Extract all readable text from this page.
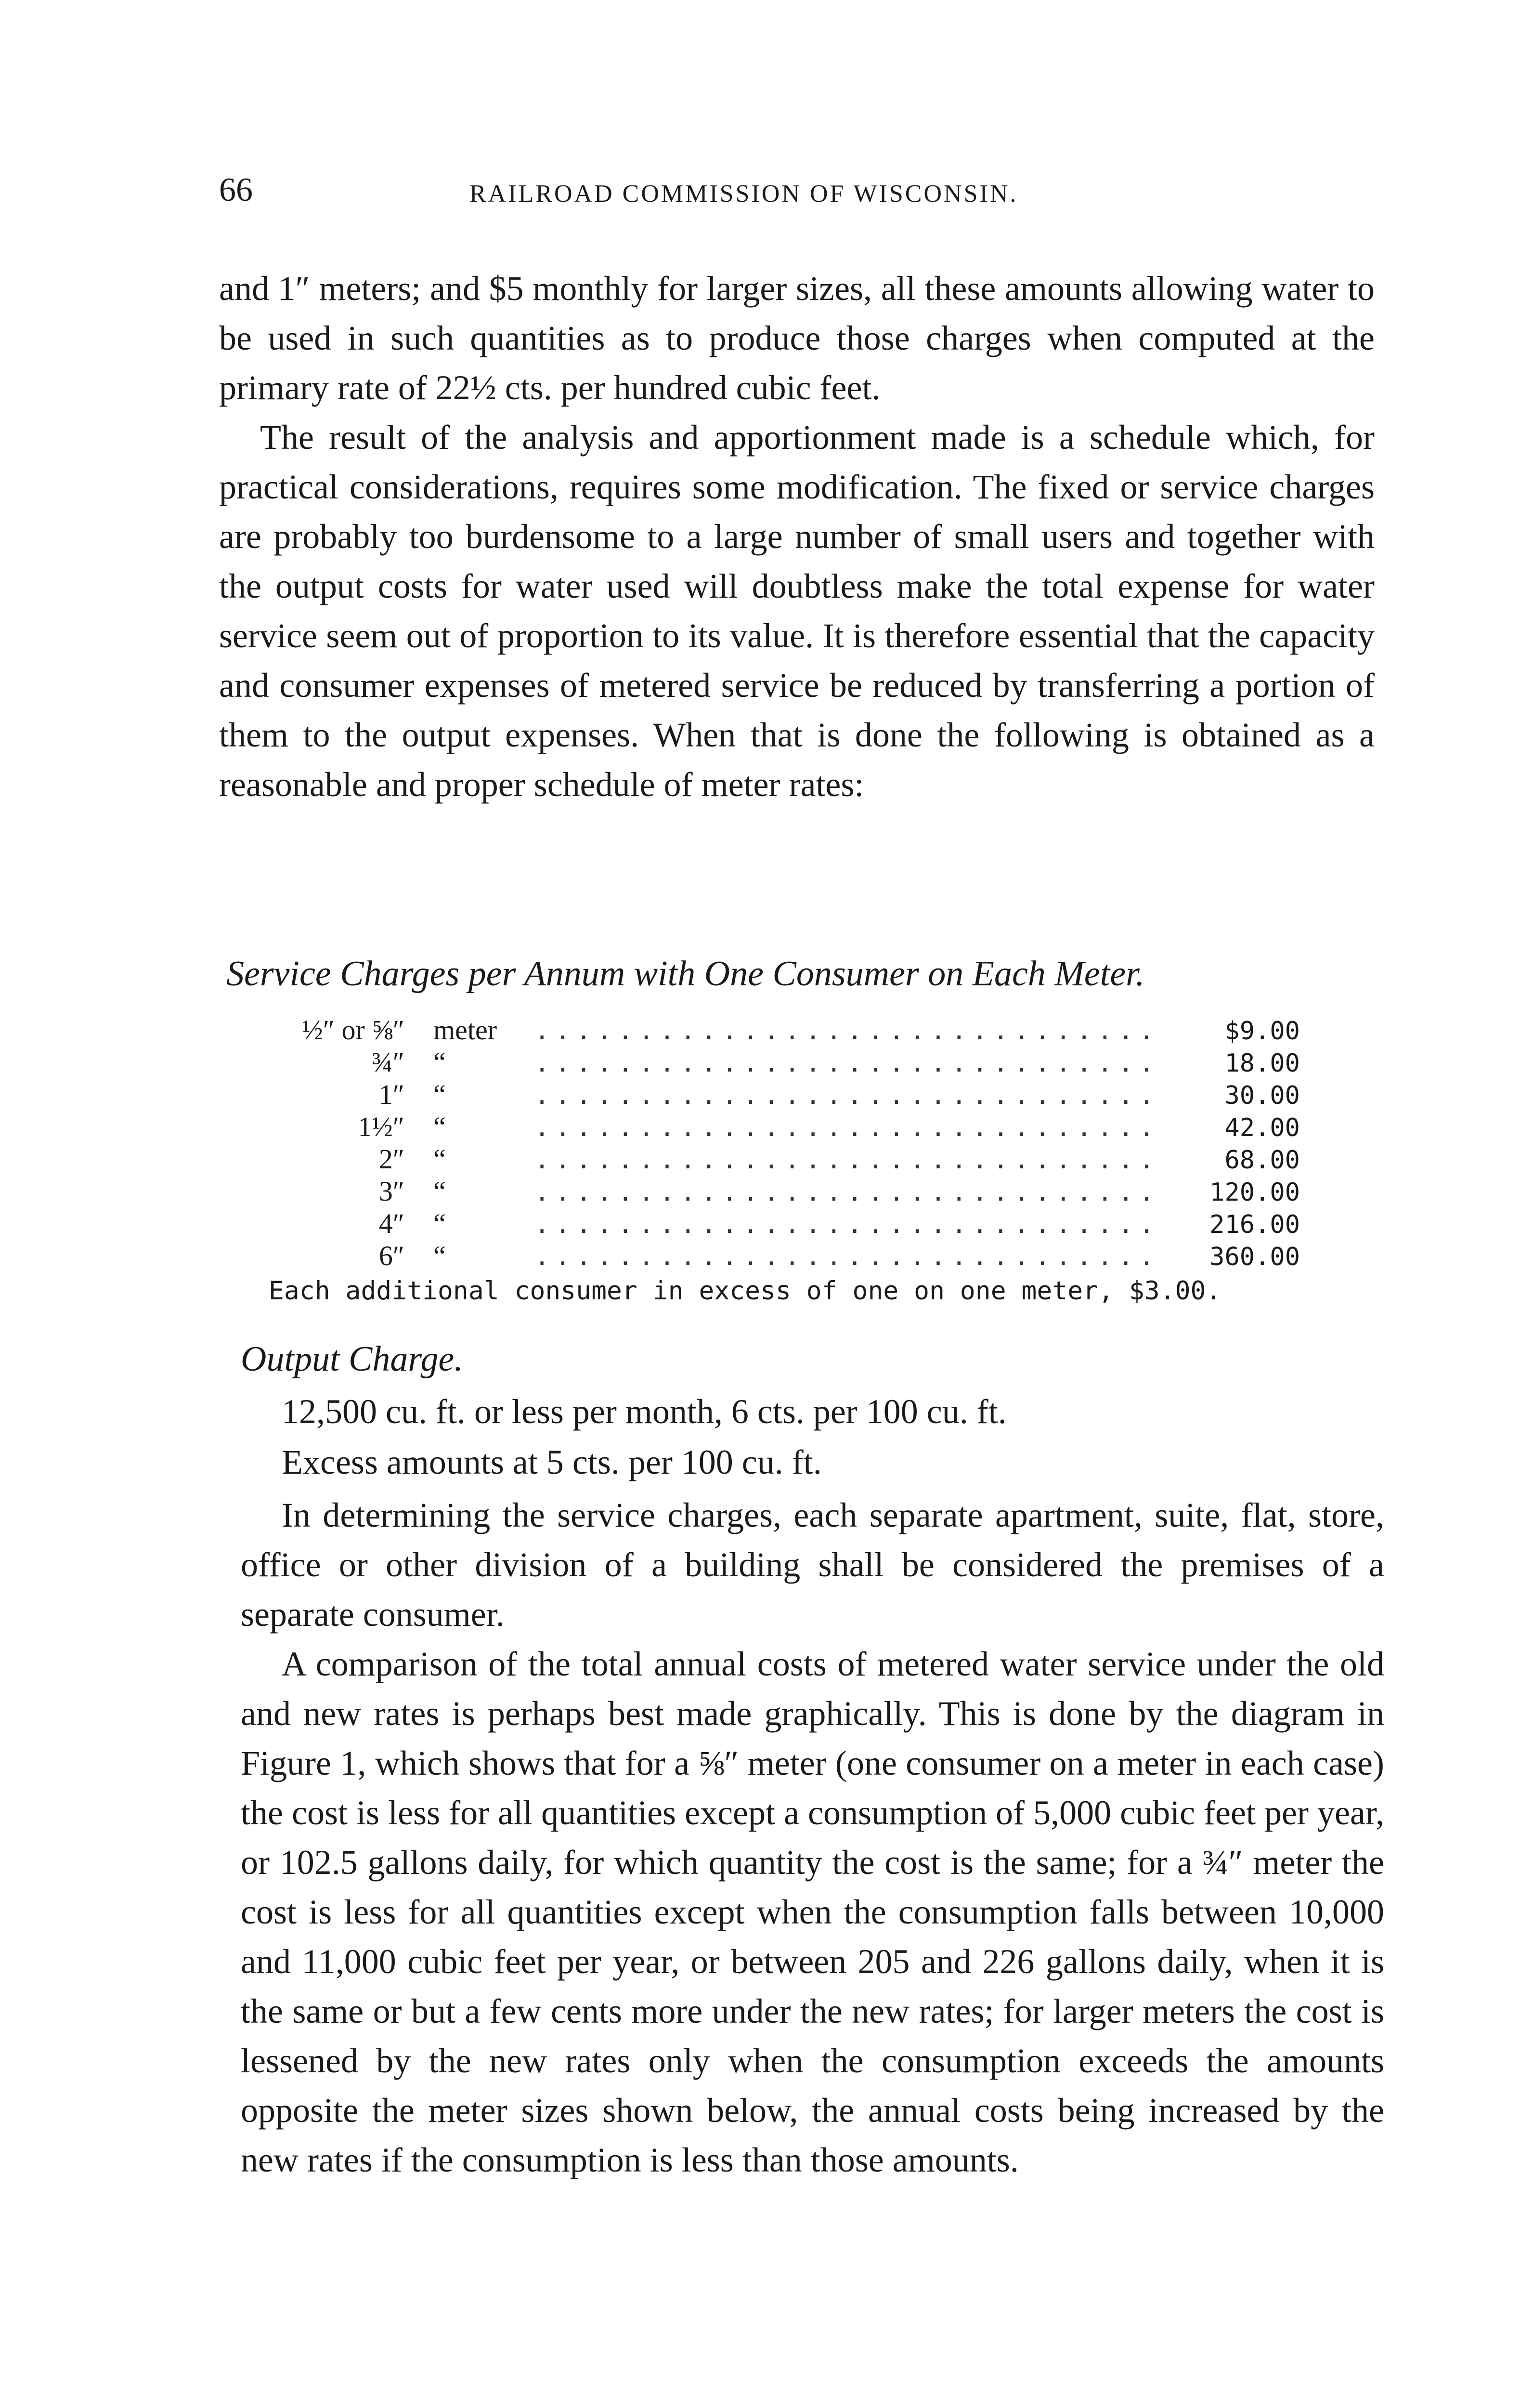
66	RAILROAD COMMISSION OF WISCONSIN.

and 1″ meters; and $5 monthly for larger sizes, all these amounts allowing water to be used in such quantities as to produce those charges when computed at the primary rate of 22½ cts. per hundred cubic feet.

The result of the analysis and apportionment made is a schedule which, for practical considerations, requires some modification. The fixed or service charges are probably too burdensome to a large number of small users and together with the output costs for water used will doubtless make the total expense for water service seem out of proportion to its value. It is therefore essential that the capacity and consumer expenses of metered service be reduced by transferring a portion of them to the output expenses. When that is done the following is obtained as a reasonable and proper schedule of meter rates:

Service Charges per Annum with One Consumer on Each Meter.
½″ or ⅝″	meter	..............................	$9.00
¾″	“	..............................	18.00
1″	“	..............................	30.00
1½″	“	..............................	42.00
2″	“	..............................	68.00
3″	“	..............................	120.00
4″	“	..............................	216.00
6″	“	..............................	360.00
Each additional consumer in excess of one on one meter, $3.00.
Output Charge.
12,500 cu. ft. or less per month, 6 cts. per 100 cu. ft.
Excess amounts at 5 cts. per 100 cu. ft.

In determining the service charges, each separate apartment, suite, flat, store, office or other division of a building shall be considered the premises of a separate consumer.

A comparison of the total annual costs of metered water service under the old and new rates is perhaps best made graphically. This is done by the diagram in Figure 1, which shows that for a ⅝″ meter (one consumer on a meter in each case) the cost is less for all quantities except a consumption of 5,000 cubic feet per year, or 102.5 gallons daily, for which quantity the cost is the same; for a ¾″ meter the cost is less for all quantities except when the consumption falls between 10,000 and 11,000 cubic feet per year, or between 205 and 226 gallons daily, when it is the same or but a few cents more under the new rates; for larger meters the cost is lessened by the new rates only when the consumption exceeds the amounts opposite the meter sizes shown below, the annual costs being increased by the new rates if the consumption is less than those amounts.
